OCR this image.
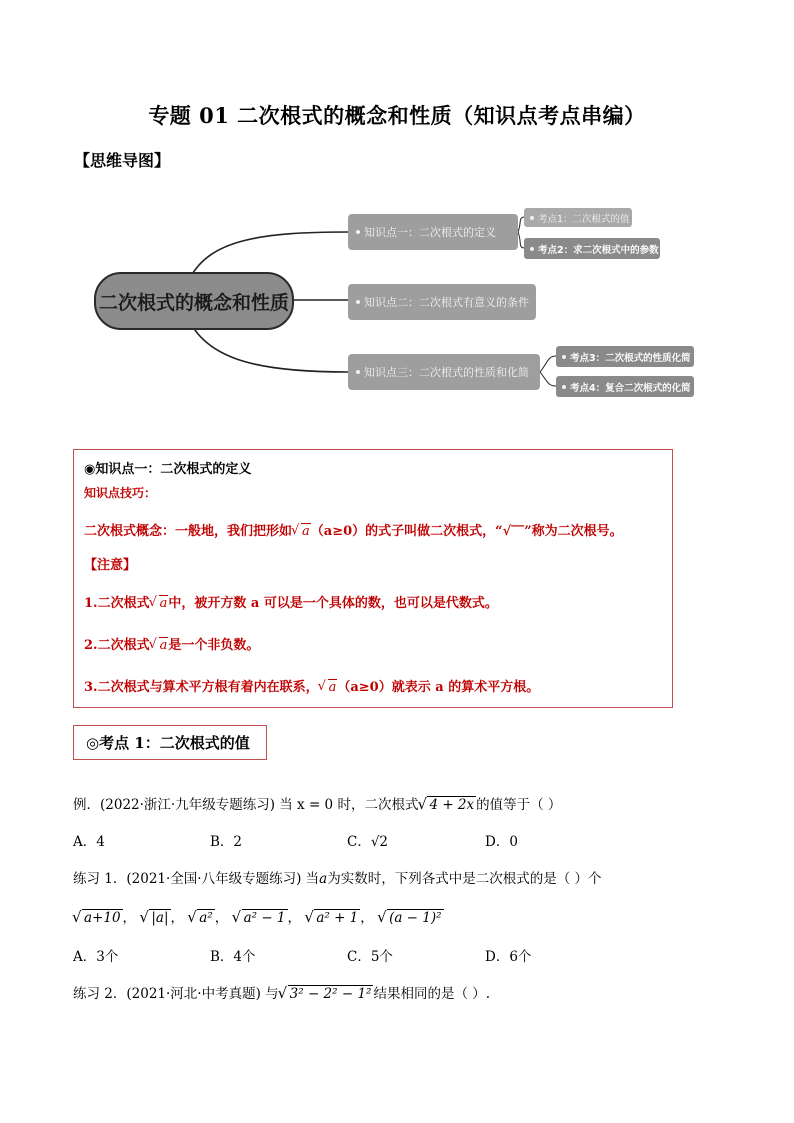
专题 01 二次根式的概念和性质（知识点考点串编）
【思维导图】
二次根式的概念和性质
知识点一：二次根式的定义
考点1：二次根式的值
考点2：求二次根式中的参数
知识点二：二次根式有意义的条件
知识点三：二次根式的性质和化简
考点3：二次根式的性质化简
考点4：复合二次根式的化简
◉知识点一：二次根式的定义
知识点技巧：
二次根式概念：一般地，我们把形如 √ a（a≥0）的式子叫做二次根式，“√‾‾”称为二次根号。
【注意】
1.二次根式 √ a中，被开方数 a 可以是一个具体的数，也可以是代数式。
2.二次根式 √ a是一个非负数。
3.二次根式与算术平方根有着内在联系， √ a（a≥0）就表示 a 的算术平方根。
◎考点 1：二次根式的值
例．(2022·浙江·九年级专题练习) 当 x = 0 时，二次根式 √ 4 + 2x 的值等于（ ）
A．4	B．2	C．√2	D．0
练习 1．(2021·全国·八年级专题练习) 当a为实数时，下列各式中是二次根式的是（ ）个
√ a+10 ， √ |a| ， √ a² ， √ a² − 1 ， √ a² + 1 ， √ (a − 1)²
A．3个	B．4个	C．5个	D．6个
练习 2．(2021·河北·中考真题) 与 √ 3² − 2² − 1² 结果相同的是（ ）.
